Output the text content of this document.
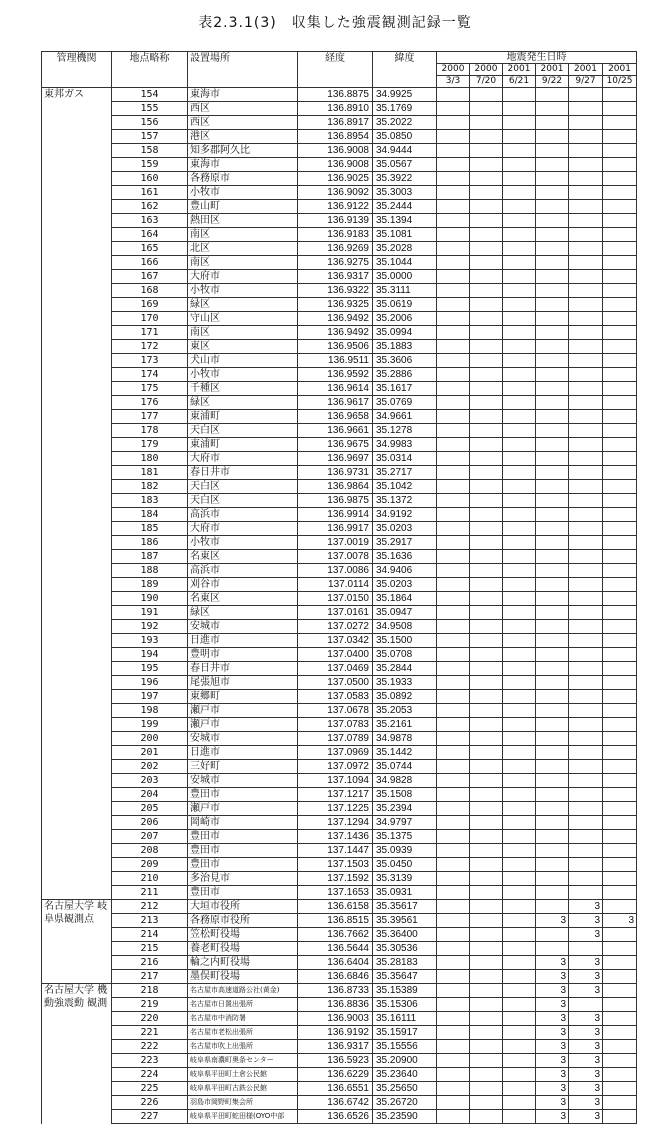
表2.3.1(3)　収集した強震観測記録一覧
管理機関	地点略称	設置場所	経度	緯度	地震発生日時					
					2000	2000	2001	2001	2001	2001
					3/3	7/20	6/21	9/22	9/27	10/25
東邦ガス	154	東海市	136.8875	34.9925						
	155	西区	136.8910	35.1769						
	156	西区	136.8917	35.2022						
	157	港区	136.8954	35.0850						
	158	知多郡阿久比	136.9008	34.9444						
	159	東海市	136.9008	35.0567						
	160	各務原市	136.9025	35.3922						
	161	小牧市	136.9092	35.3003						
	162	豊山町	136.9122	35.2444						
	163	熱田区	136.9139	35.1394						
	164	南区	136.9183	35.1081						
	165	北区	136.9269	35.2028						
	166	南区	136.9275	35.1044						
	167	大府市	136.9317	35.0000						
	168	小牧市	136.9322	35.3111						
	169	緑区	136.9325	35.0619						
	170	守山区	136.9492	35.2006						
	171	南区	136.9492	35.0994						
	172	東区	136.9506	35.1883						
	173	犬山市	136.9511	35.3606						
	174	小牧市	136.9592	35.2886						
	175	千種区	136.9614	35.1617						
	176	緑区	136.9617	35.0769						
	177	東浦町	136.9658	34.9661						
	178	天白区	136.9661	35.1278						
	179	東浦町	136.9675	34.9983						
	180	大府市	136.9697	35.0314						
	181	春日井市	136.9731	35.2717						
	182	天白区	136.9864	35.1042						
	183	天白区	136.9875	35.1372						
	184	高浜市	136.9914	34.9192						
	185	大府市	136.9917	35.0203						
	186	小牧市	137.0019	35.2917						
	187	名東区	137.0078	35.1636						
	188	高浜市	137.0086	34.9406						
	189	刈谷市	137.0114	35.0203						
	190	名東区	137.0150	35.1864						
	191	緑区	137.0161	35.0947						
	192	安城市	137.0272	34.9508						
	193	日進市	137.0342	35.1500						
	194	豊明市	137.0400	35.0708						
	195	春日井市	137.0469	35.2844						
	196	尾張旭市	137.0500	35.1933						
	197	東郷町	137.0583	35.0892						
	198	瀬戸市	137.0678	35.2053						
	199	瀬戸市	137.0783	35.2161						
	200	安城市	137.0789	34.9878						
	201	日進市	137.0969	35.1442						
	202	三好町	137.0972	35.0744						
	203	安城市	137.1094	34.9828						
	204	豊田市	137.1217	35.1508						
	205	瀬戸市	137.1225	35.2394						
	206	岡崎市	137.1294	34.9797						
	207	豊田市	137.1436	35.1375						
	208	豊田市	137.1447	35.0939						
	209	豊田市	137.1503	35.0450						
	210	多治見市	137.1592	35.3139						
	211	豊田市	137.1653	35.0931						
名古屋大学 岐阜県観測点	212	大垣市役所	136.6158	35.35617					3	
	213	各務原市役所	136.8515	35.39561				3	3	3
	214	笠松町役場	136.7662	35.36400					3	
	215	養老町役場	136.5644	35.30536						
	216	輪之内町役場	136.6404	35.28183				3	3	
	217	墨俣町役場	136.6846	35.35647				3	3	
名古屋大学 機動強震動 観測	218	名古屋市高速道路公社(黄金)	136.8733	35.15389				3	3	
	219	名古屋市日置出張所	136.8836	35.15306				3		
	220	名古屋市中消防署	136.9003	35.16111				3	3	
	221	名古屋市老松出張所	136.9192	35.15917				3	3	
	222	名古屋市吹上出張所	136.9317	35.15556				3	3	
	223	岐阜県南濃町奥条センター	136.5923	35.20900				3	3	
	224	岐阜県平田町土倉公民館	136.6229	35.23640				3	3	
	225	岐阜県平田町古鉄公民館	136.6551	35.25650				3	3	
	226	羽島市岡野町集会所	136.6742	35.26720				3	3	
	227	岐阜県平田町蛇田様(OYO中部	136.6526	35.23590				3	3	
